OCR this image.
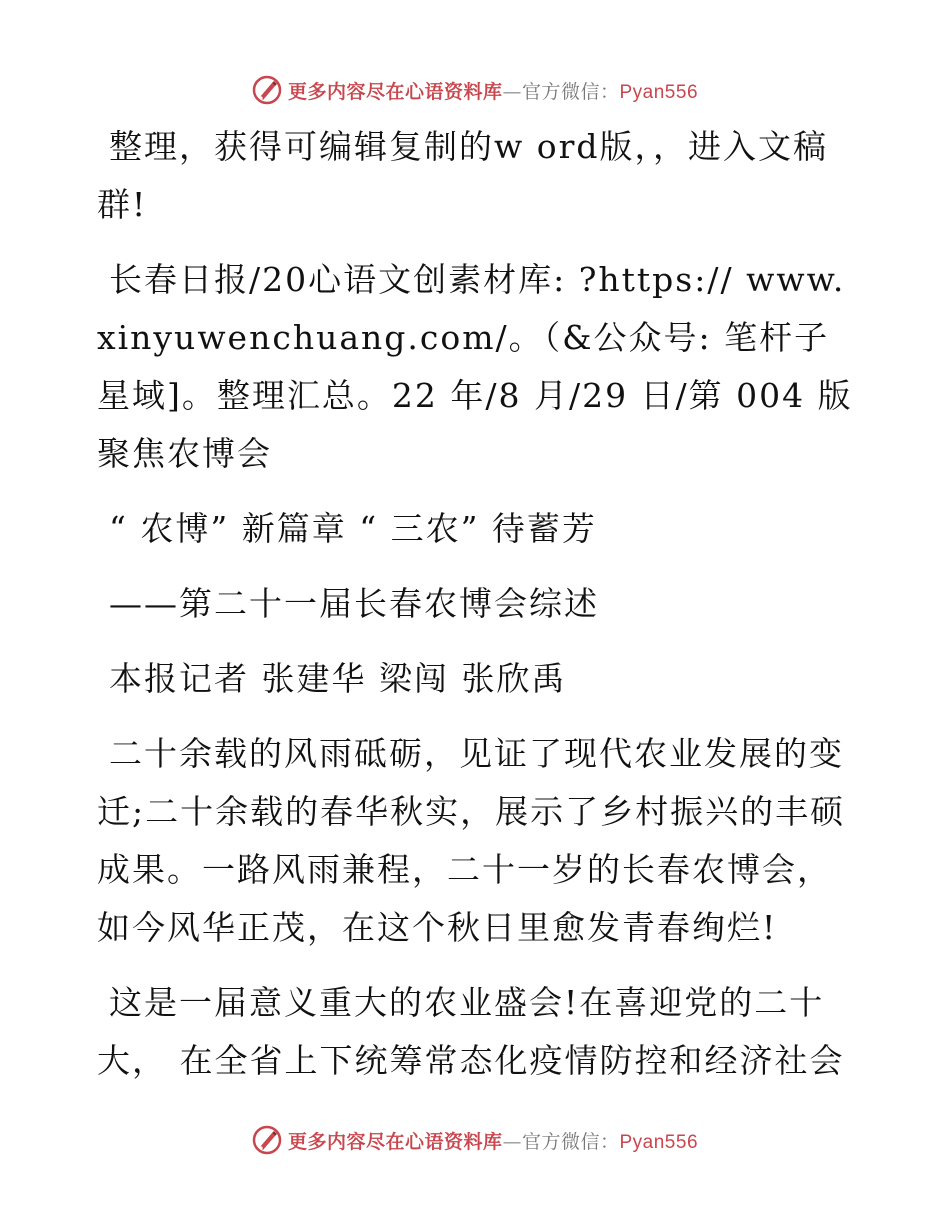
更多内容尽在心语资料库—官方微信：Pyan556

整理，获得可编辑复制的w ord版，，进入文稿群!

长春日报/20心语文创素材库: ?https:// www.xinyuwenchuang.com/。（&公众号: 笔杆子星域]。整理汇总。22 年/8 月/29 日/第 004 版聚焦农博会

“ 农博” 新篇章 “ 三农” 待蓄芳

——第二十一届长春农博会综述

本报记者 张建华 梁闯 张欣禹

二十余载的风雨砥砺，见证了现代农业发展的变迁;二十余载的春华秋实，展示了乡村振兴的丰硕成果。一路风雨兼程，二十一岁的长春农博会，如今风华正茂，在这个秋日里愈发青春绚烂!

这是一届意义重大的农业盛会!在喜迎党的二十大， 在全省上下统筹常态化疫情防控和经济社会

更多内容尽在心语资料库—官方微信：Pyan556
